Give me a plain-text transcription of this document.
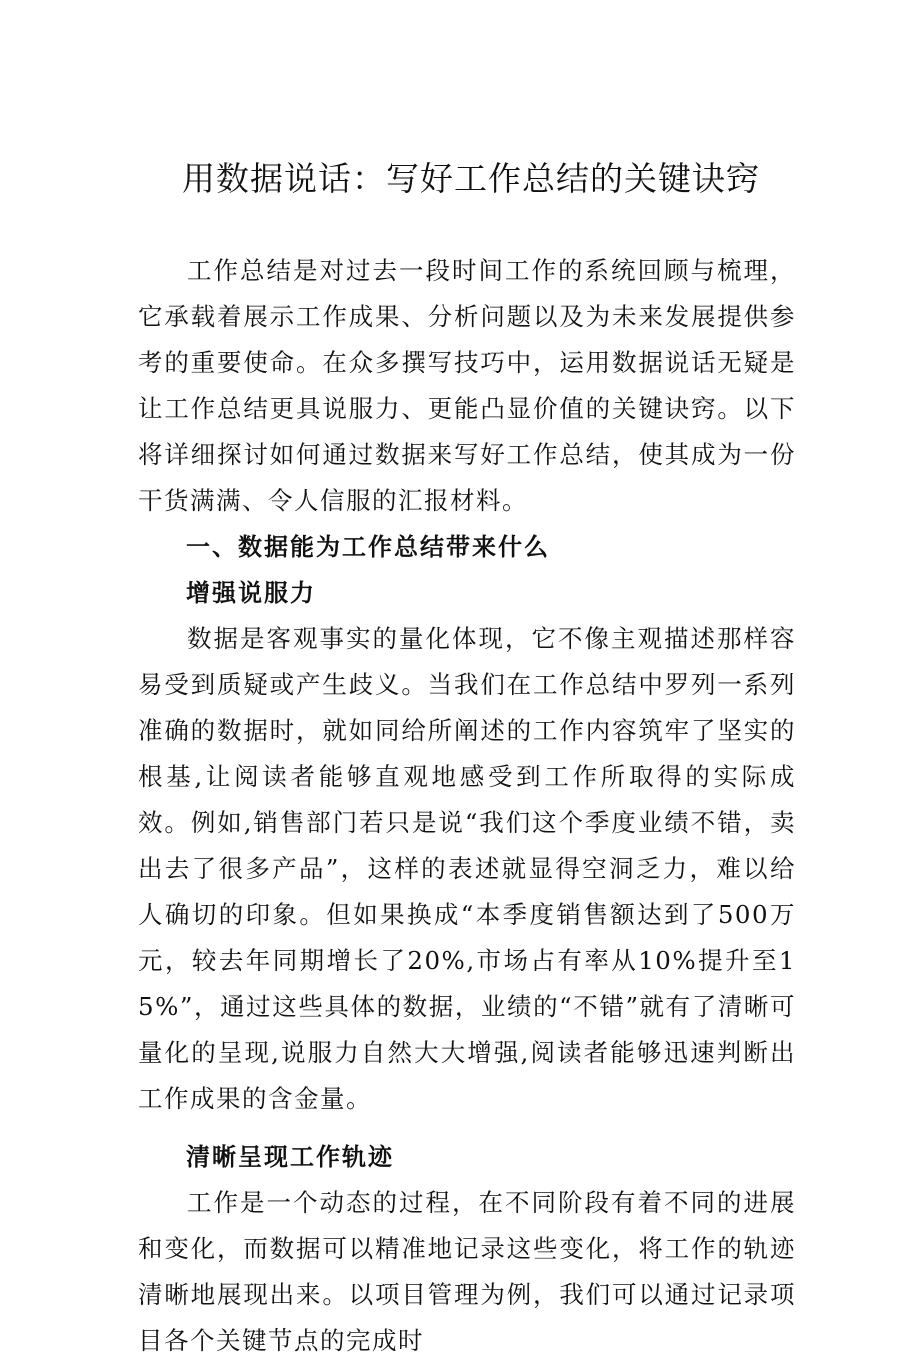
用数据说话：写好工作总结的关键诀窍

工作总结是对过去一段时间工作的系统回顾与梳理，它承载着展示工作成果、分析问题以及为未来发展提供参考的重要使命。在众多撰写技巧中，运用数据说话无疑是让工作总结更具说服力、更能凸显价值的关键诀窍。以下将详细探讨如何通过数据来写好工作总结，使其成为一份干货满满、令人信服的汇报材料。

一、数据能为工作总结带来什么
增强说服力

数据是客观事实的量化体现，它不像主观描述那样容易受到质疑或产生歧义。当我们在工作总结中罗列一系列准确的数据时，就如同给所阐述的工作内容筑牢了坚实的根基,让阅读者能够直观地感受到工作所取得的实际成效。例如,销售部门若只是说“我们这个季度业绩不错，卖出去了很多产品”，这样的表述就显得空洞乏力，难以给人确切的印象。但如果换成“本季度销售额达到了500万元，较去年同期增长了20%,市场占有率从10%提升至15%”，通过这些具体的数据，业绩的“不错”就有了清晰可量化的呈现,说服力自然大大增强,阅读者能够迅速判断出工作成果的含金量。

清晰呈现工作轨迹

工作是一个动态的过程，在不同阶段有着不同的进展和变化，而数据可以精准地记录这些变化，将工作的轨迹清晰地展现出来。以项目管理为例，我们可以通过记录项目各个关键节点的完成时
